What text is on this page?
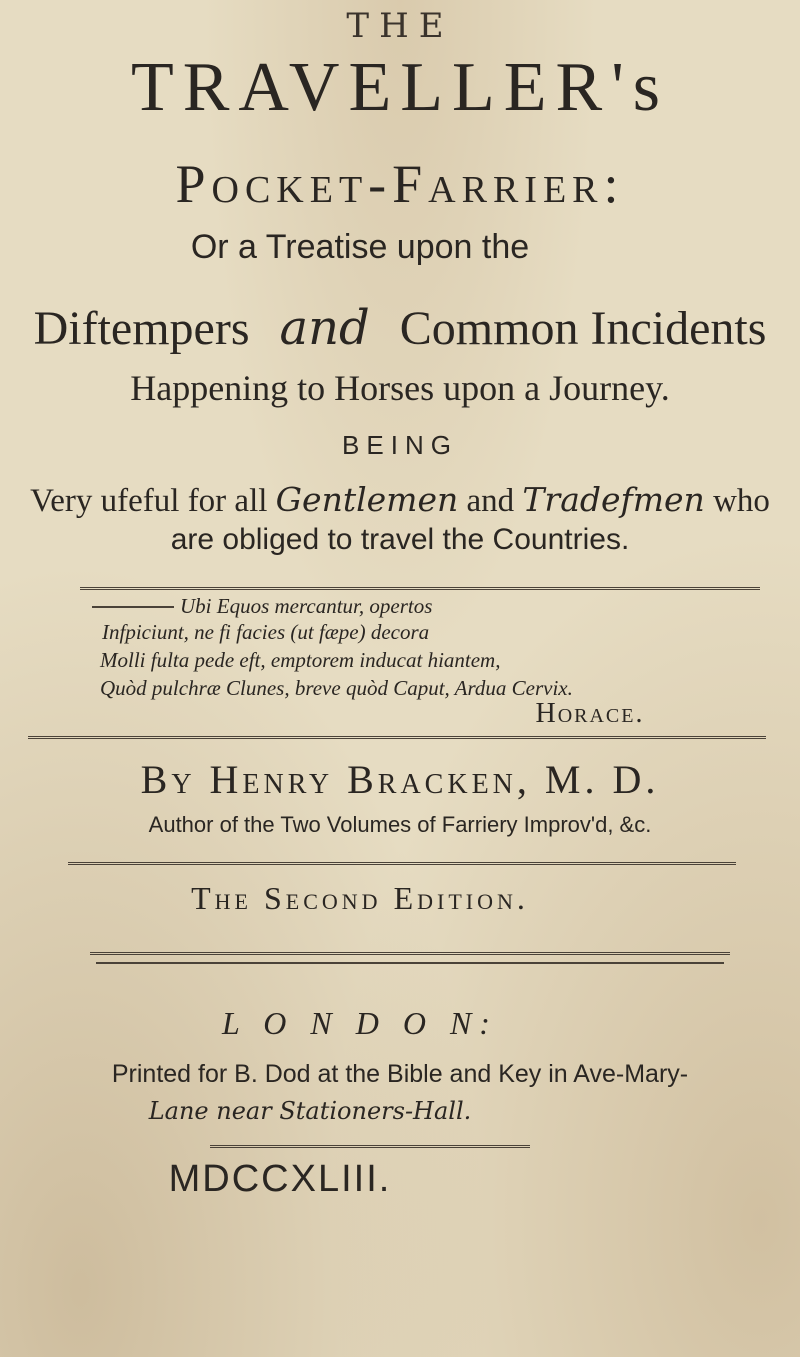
THE
TRAVELLER's
Pocket-Farrier:
Or a Treatise upon the
Diftempers and Common Incidents
Happening to Horses upon a Journey.
BEING
Very ufeful for all Gentlemen and Tradefmen who
are obliged to travel the Countries.
Ubi Equos mercantur, opertos
Infpiciunt, ne fi facies (ut fæpe) decora
Molli fulta pede eft, emptorem inducat hiantem,
Quòd pulchræ Clunes, breve quòd Caput, Ardua Cervix.
Horace.
By Henry Bracken, M. D.
Author of the Two Volumes of Farriery Improv'd, &c.
The Second Edition.
L O N D O N:
Printed for B. Dod at the Bible and Key in Ave-Mary-
Lane near Stationers-Hall.
MDCCXLIII.
